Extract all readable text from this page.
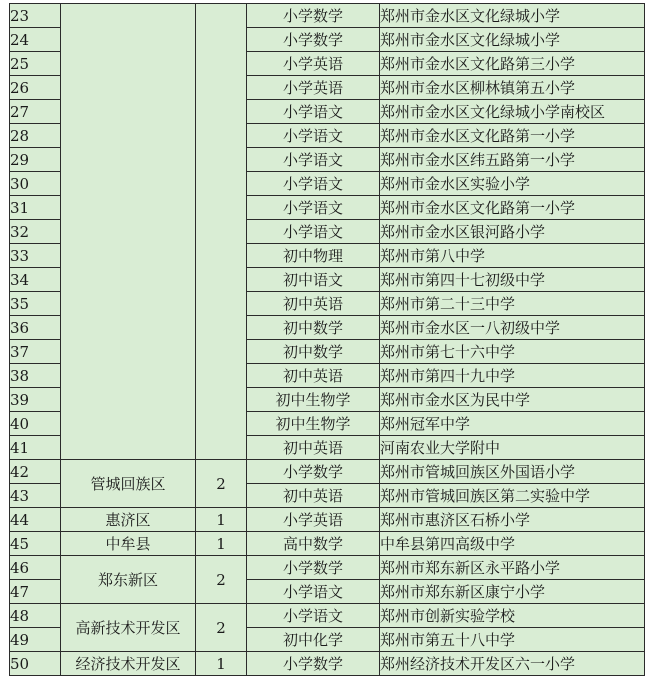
23			小学数学	郑州市金水区文化绿城小学
24			小学数学	郑州市金水区文化绿城小学
25			小学英语	郑州市金水区文化路第三小学
26			小学英语	郑州市金水区柳林镇第五小学
27			小学语文	郑州市金水区文化绿城小学南校区
28			小学语文	郑州市金水区文化路第一小学
29			小学语文	郑州市金水区纬五路第一小学
30			小学语文	郑州市金水区实验小学
31			小学语文	郑州市金水区文化路第一小学
32			小学语文	郑州市金水区银河路小学
33			初中物理	郑州市第八中学
34			初中语文	郑州市第四十七初级中学
35			初中英语	郑州市第二十三中学
36			初中数学	郑州市金水区一八初级中学
37			初中数学	郑州市第七十六中学
38			初中英语	郑州市第四十九中学
39			初中生物学	郑州市金水区为民中学
40			初中生物学	郑州冠军中学
41			初中英语	河南农业大学附中
42	管城回族区	2	小学数学	郑州市管城回族区外国语小学
43			初中英语	郑州市管城回族区第二实验中学
44	惠济区	1	小学英语	郑州市惠济区石桥小学
45	中牟县	1	高中数学	中牟县第四高级中学
46	郑东新区	2	小学数学	郑州市郑东新区永平路小学
47			小学语文	郑州市郑东新区康宁小学
48	高新技术开发区	2	小学语文	郑州市创新实验学校
49			初中化学	郑州市第五十八中学
50	经济技术开发区	1	小学数学	郑州经济技术开发区六一小学
